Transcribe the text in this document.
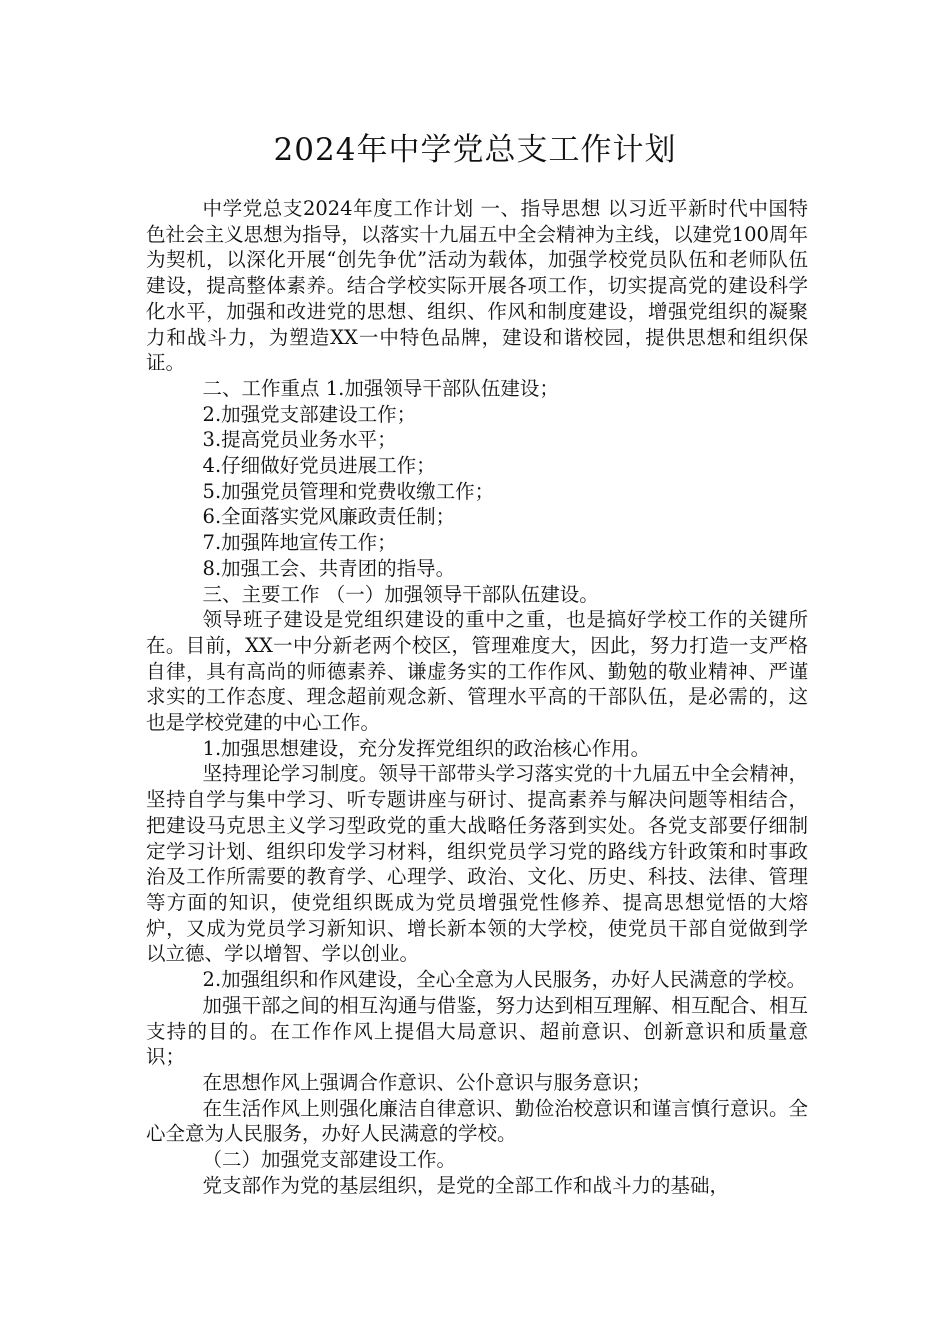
2024年中学党总支工作计划

中学党总支2024年度工作计划 一、指导思想 以习近平新时代中国特色社会主义思想为指导，以落实十九届五中全会精神为主线，以建党100周年为契机，以深化开展“创先争优”活动为载体，加强学校党员队伍和老师队伍建设，提高整体素养。结合学校实际开展各项工作，切实提高党的建设科学化水平，加强和改进党的思想、组织、作风和制度建设，增强党组织的凝聚力和战斗力，为塑造XX一中特色品牌，建设和谐校园，提供思想和组织保证。

二、工作重点 1.加强领导干部队伍建设；

2.加强党支部建设工作；

3.提高党员业务水平；

4.仔细做好党员进展工作；

5.加强党员管理和党费收缴工作；

6.全面落实党风廉政责任制；

7.加强阵地宣传工作；

8.加强工会、共青团的指导。

三、主要工作 （一）加强领导干部队伍建设。

领导班子建设是党组织建设的重中之重，也是搞好学校工作的关键所在。目前，XX一中分新老两个校区，管理难度大，因此，努力打造一支严格自律，具有高尚的师德素养、谦虚务实的工作作风、勤勉的敬业精神、严谨求实的工作态度、理念超前观念新、管理水平高的干部队伍，是必需的，这也是学校党建的中心工作。

1.加强思想建设，充分发挥党组织的政治核心作用。

坚持理论学习制度。领导干部带头学习落实党的十九届五中全会精神，坚持自学与集中学习、听专题讲座与研讨、提高素养与解决问题等相结合，把建设马克思主义学习型政党的重大战略任务落到实处。各党支部要仔细制定学习计划、组织印发学习材料，组织党员学习党的路线方针政策和时事政治及工作所需要的教育学、心理学、政治、文化、历史、科技、法律、管理等方面的知识，使党组织既成为党员增强党性修养、提高思想觉悟的大熔炉，又成为党员学习新知识、增长新本领的大学校，使党员干部自觉做到学以立德、学以增智、学以创业。

2.加强组织和作风建设，全心全意为人民服务，办好人民满意的学校。

加强干部之间的相互沟通与借鉴，努力达到相互理解、相互配合、相互支持的目的。在工作作风上提倡大局意识、超前意识、创新意识和质量意识；

在思想作风上强调合作意识、公仆意识与服务意识；

在生活作风上则强化廉洁自律意识、勤俭治校意识和谨言慎行意识。全心全意为人民服务，办好人民满意的学校。

（二）加强党支部建设工作。

党支部作为党的基层组织，是党的全部工作和战斗力的基础，
